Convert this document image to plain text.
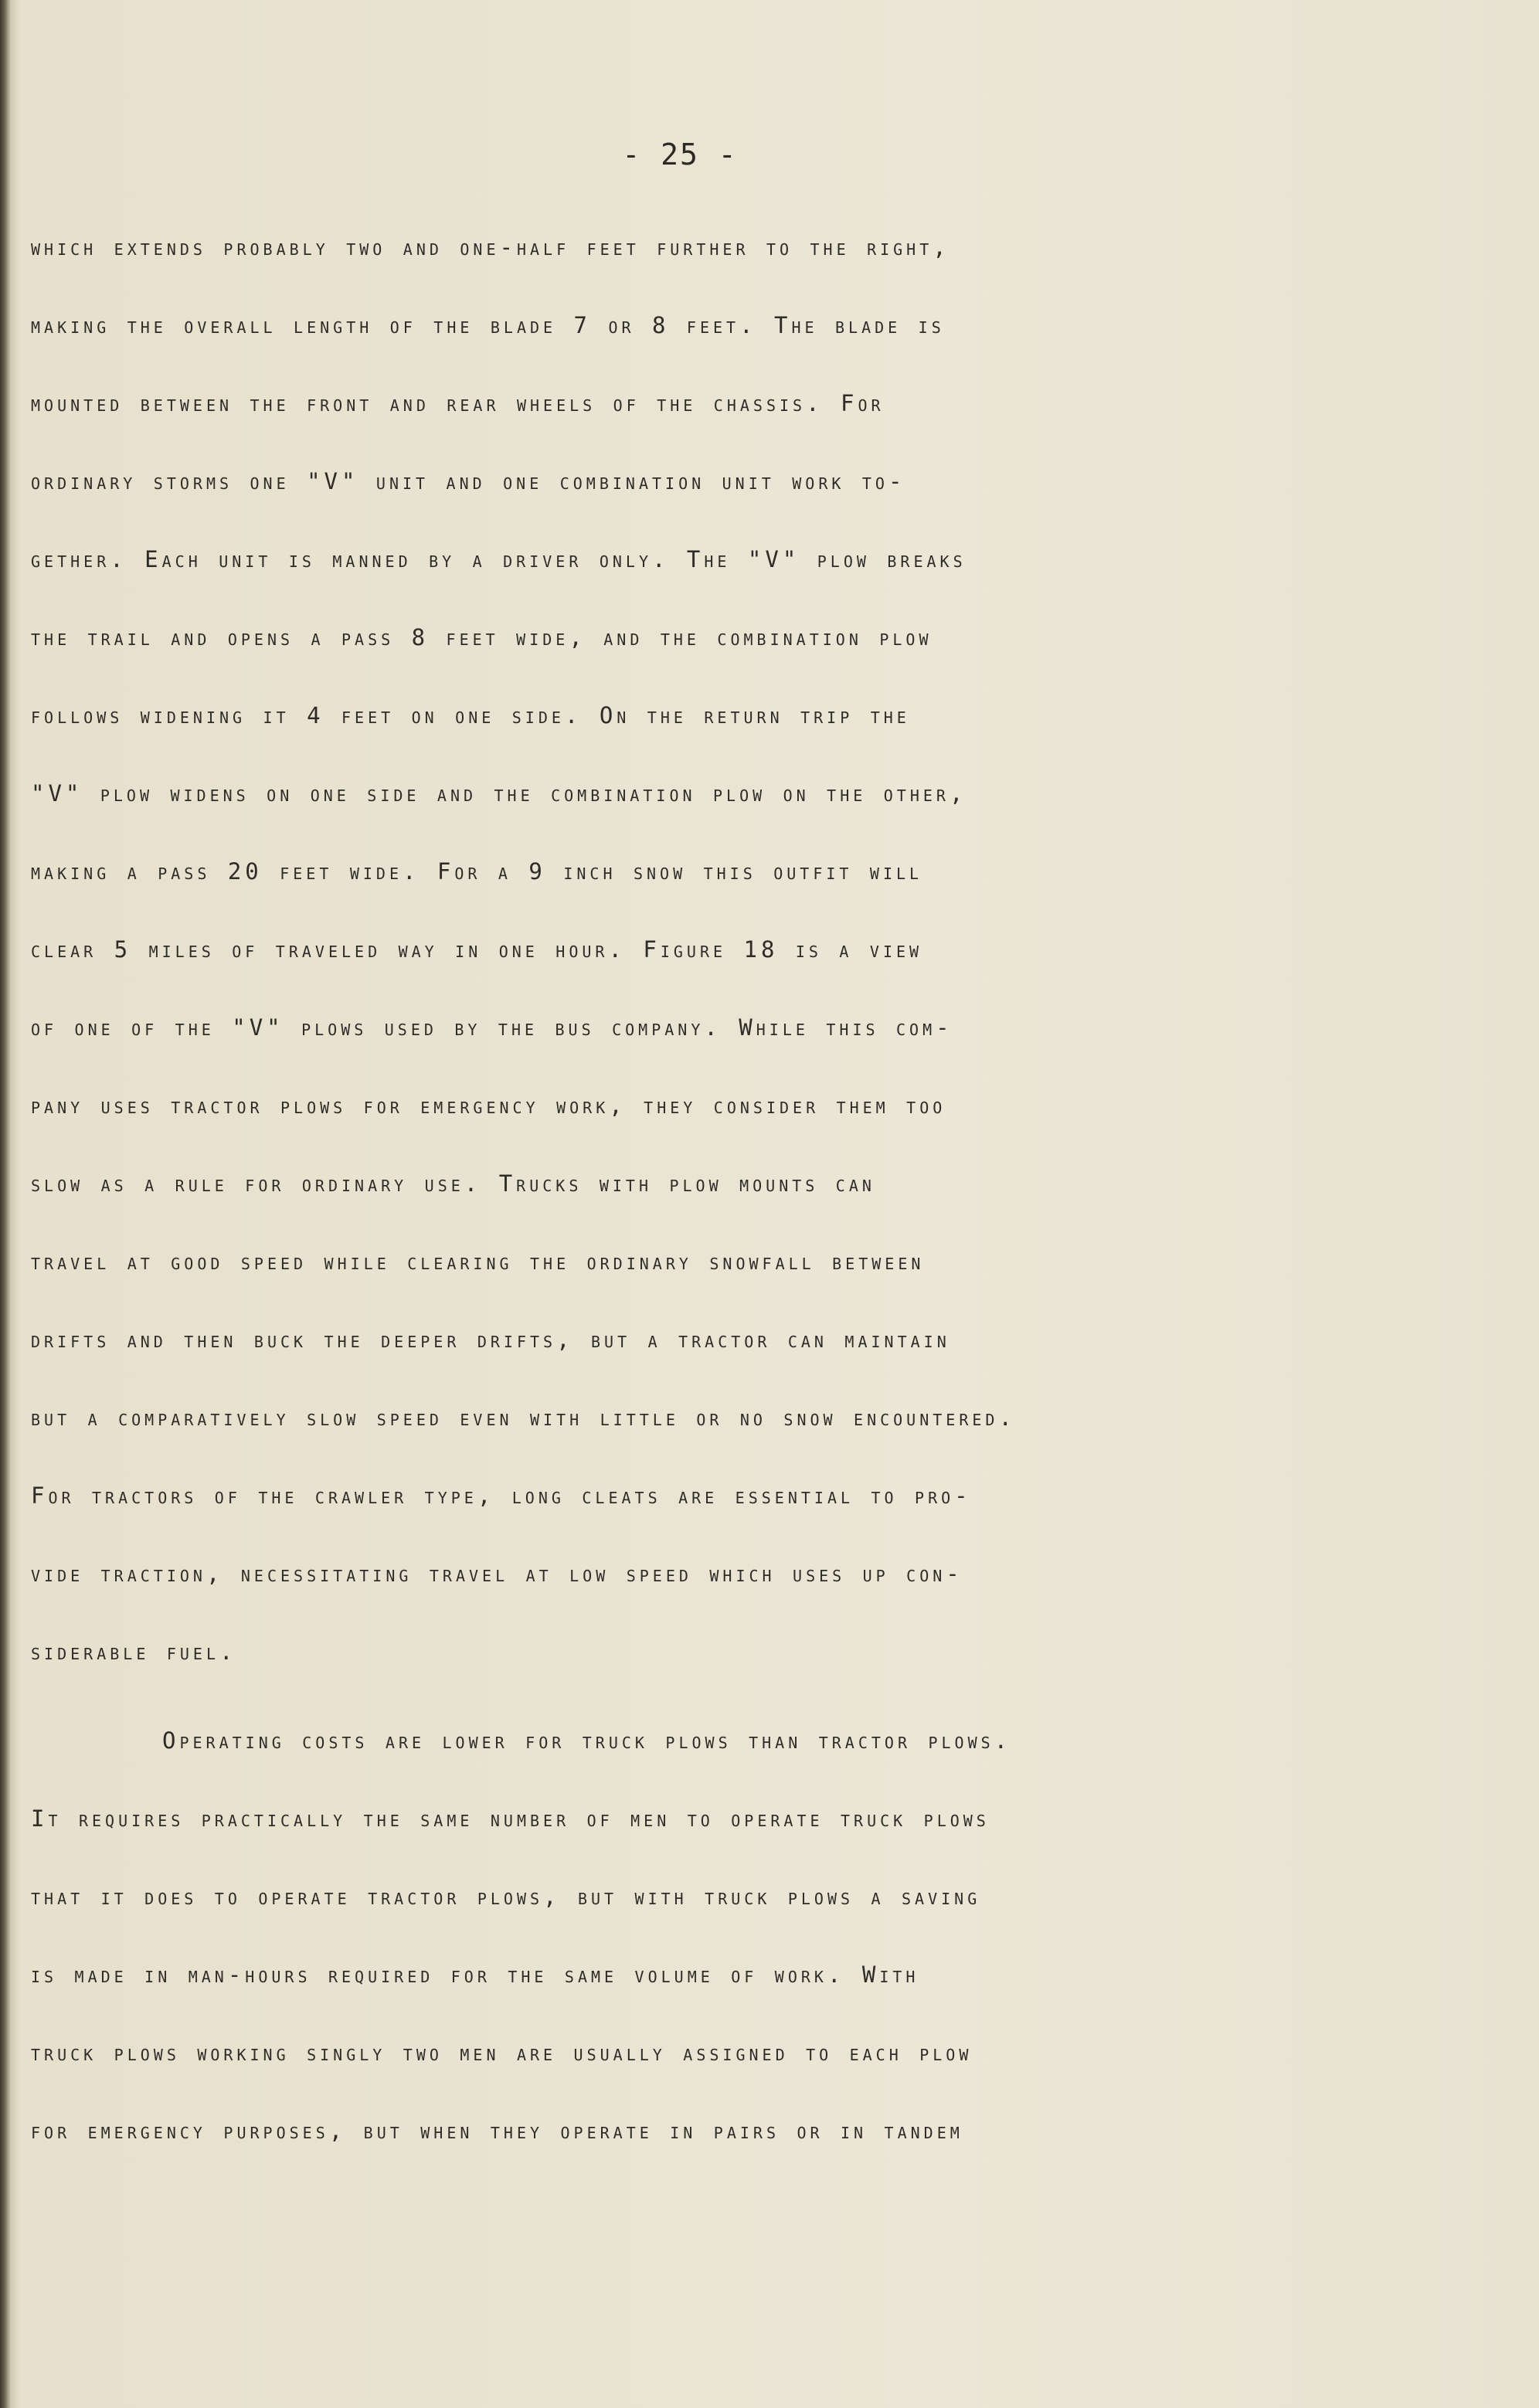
- 25 -
which extends probably two and one-half feet further to the right,
making the overall length of the blade 7 or 8 feet. The blade is
mounted between the front and rear wheels of the chassis. For
ordinary storms one "V" unit and one combination unit work to-
gether. Each unit is manned by a driver only. The "V" plow breaks
the trail and opens a pass 8 feet wide, and the combination plow
follows widening it 4 feet on one side. On the return trip the
"V" plow widens on one side and the combination plow on the other,
making a pass 20 feet wide. For a 9 inch snow this outfit will
clear 5 miles of traveled way in one hour. Figure 18 is a view
of one of the "V" plows used by the bus company. While this com-
pany uses tractor plows for emergency work, they consider them too
slow as a rule for ordinary use. Trucks with plow mounts can
travel at good speed while clearing the ordinary snowfall between
drifts and then buck the deeper drifts, but a tractor can maintain
but a comparatively slow speed even with little or no snow encountered.
For tractors of the crawler type, long cleats are essential to pro-
vide traction, necessitating travel at low speed which uses up con-
siderable fuel.
Operating costs are lower for truck plows than tractor plows.
It requires practically the same number of men to operate truck plows
that it does to operate tractor plows, but with truck plows a saving
is made in man-hours required for the same volume of work. With
truck plows working singly two men are usually assigned to each plow
for emergency purposes, but when they operate in pairs or in tandem
